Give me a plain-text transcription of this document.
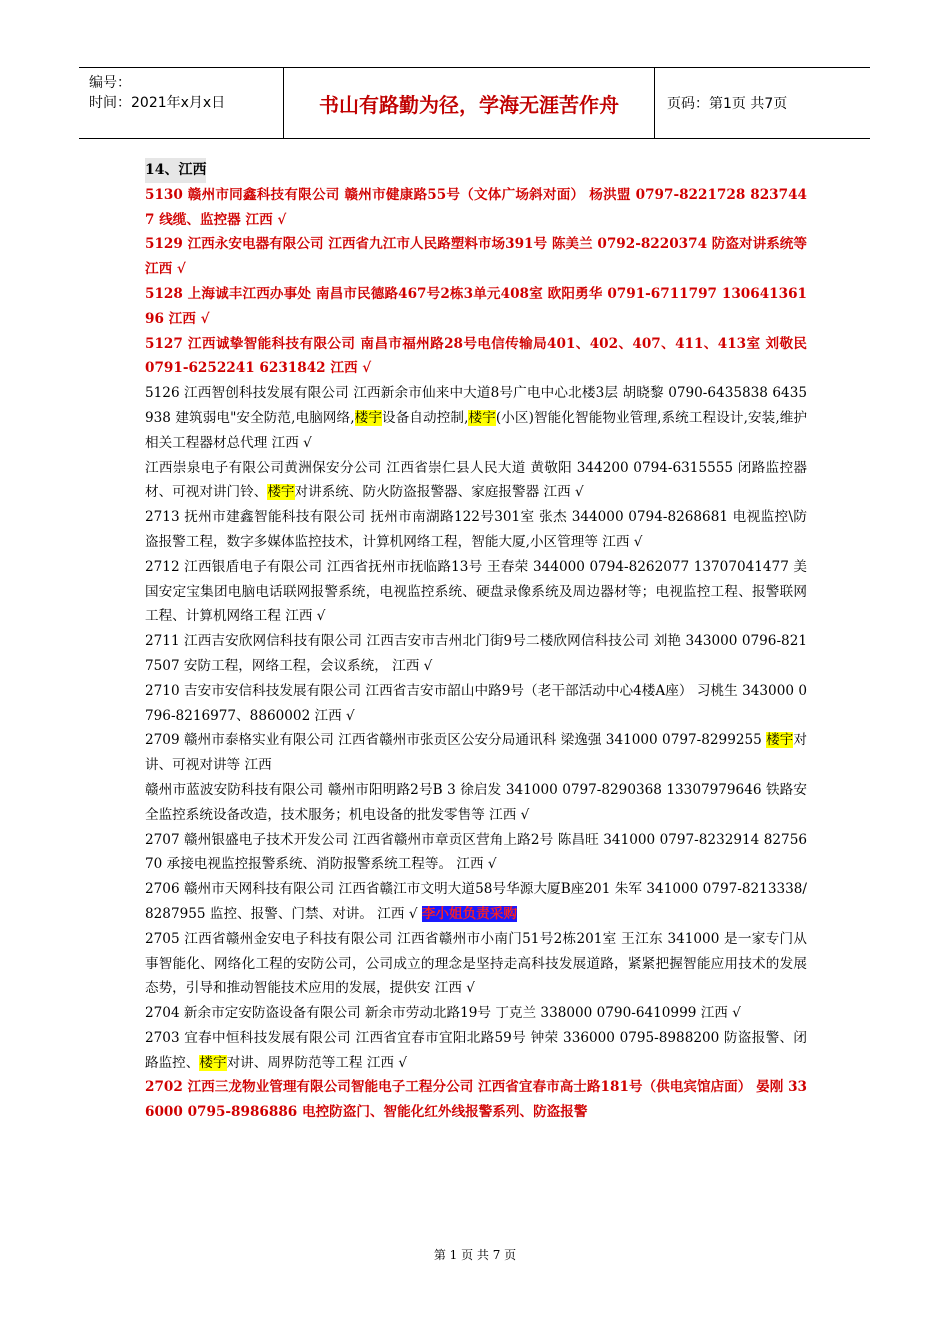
编号：
时间：2021年x月x日	书山有路勤为径，学海无涯苦作舟	页码：第1页 共7页

14、江西

5130 赣州市同鑫科技有限公司 赣州市健康路55号（文体广场斜对面） 杨洪盟 0797-8221728 8237447 线缆、监控器 江西 √

5129 江西永安电器有限公司 江西省九江市人民路塑料市场391号 陈美兰 0792-8220374 防盗对讲系统等 江西 √

5128 上海诚丰江西办事处 南昌市民德路467号2栋3单元408室 欧阳勇华 0791-6711797 13064136196 江西 √

5127 江西诚挚智能科技有限公司 南昌市福州路28号电信传输局401、402、407、411、413室 刘敬民 0791-6252241 6231842 江西 √

5126 江西智创科技发展有限公司 江西新余市仙来中大道8号广电中心北楼3层 胡晓黎 0790-6435838 6435938 建筑弱电"安全防范,电脑网络,楼宇设备自动控制,楼宇(小区)智能化智能物业管理,系统工程设计,安装,维护相关工程器材总代理 江西 √

江西崇泉电子有限公司黄洲保安分公司 江西省崇仁县人民大道 黄敬阳 344200 0794-6315555 闭路监控器材、可视对讲门铃、楼宇对讲系统、防火防盗报警器、家庭报警器 江西 √

2713 抚州市建鑫智能科技有限公司 抚州市南湖路122号301室 张杰 344000 0794-8268681 电视监控\防盗报警工程，数字多媒体监控技术，计算机网络工程，智能大厦,小区管理等 江西 √

2712 江西银盾电子有限公司 江西省抚州市抚临路13号 王春荣 344000 0794-8262077 13707041477 美国安定宝集团电脑电话联网报警系统，电视监控系统、硬盘录像系统及周边器材等；电视监控工程、报警联网工程、计算机网络工程 江西 √

2711 江西吉安欣网信科技有限公司 江西吉安市吉州北门街9号二楼欣网信科技公司 刘艳 343000 0796-8217507 安防工程，网络工程，会议系统， 江西 √

2710 吉安市安信科技发展有限公司 江西省吉安市韶山中路9号（老干部活动中心4楼A座） 习桃生 343000 0796-8216977、8860002 江西 √

2709 赣州市泰格实业有限公司 江西省赣州市张贡区公安分局通讯科 梁逸强 341000 0797-8299255 楼宇对讲、可视对讲等 江西

赣州市蓝波安防科技有限公司 赣州市阳明路2号B 3 徐启发 341000 0797-8290368 13307979646 铁路安全监控系统设备改造，技术服务；机电设备的批发零售等 江西 √

2707 赣州银盛电子技术开发公司 江西省赣州市章贡区营角上路2号 陈昌旺 341000 0797-8232914 8275670 承接电视监控报警系统、消防报警系统工程等。 江西 √

2706 赣州市天网科技有限公司 江西省赣江市文明大道58号华源大厦B座201 朱军 341000 0797-8213338/8287955 监控、报警、门禁、对讲。 江西 √ 李小姐负责采购

2705 江西省赣州金安电子科技有限公司 江西省赣州市小南门51号2栋201室 王江东 341000 是一家专门从事智能化、网络化工程的安防公司，公司成立的理念是坚持走高科技发展道路，紧紧把握智能应用技术的发展态势，引导和推动智能技术应用的发展，提供安 江西 √

2704 新余市定安防盗设备有限公司 新余市劳动北路19号 丁克兰 338000 0790-6410999 江西 √

2703 宜春中恒科技发展有限公司 江西省宜春市宜阳北路59号 钟荣 336000 0795-8988200 防盗报警、闭路监控、楼宇对讲、周界防范等工程 江西 √

2702 江西三龙物业管理有限公司智能电子工程分公司 江西省宜春市高士路181号（供电宾馆店面） 晏刚 336000 0795-8986886 电控防盗门、智能化红外线报警系列、防盗报警

第 1 页 共 7 页
